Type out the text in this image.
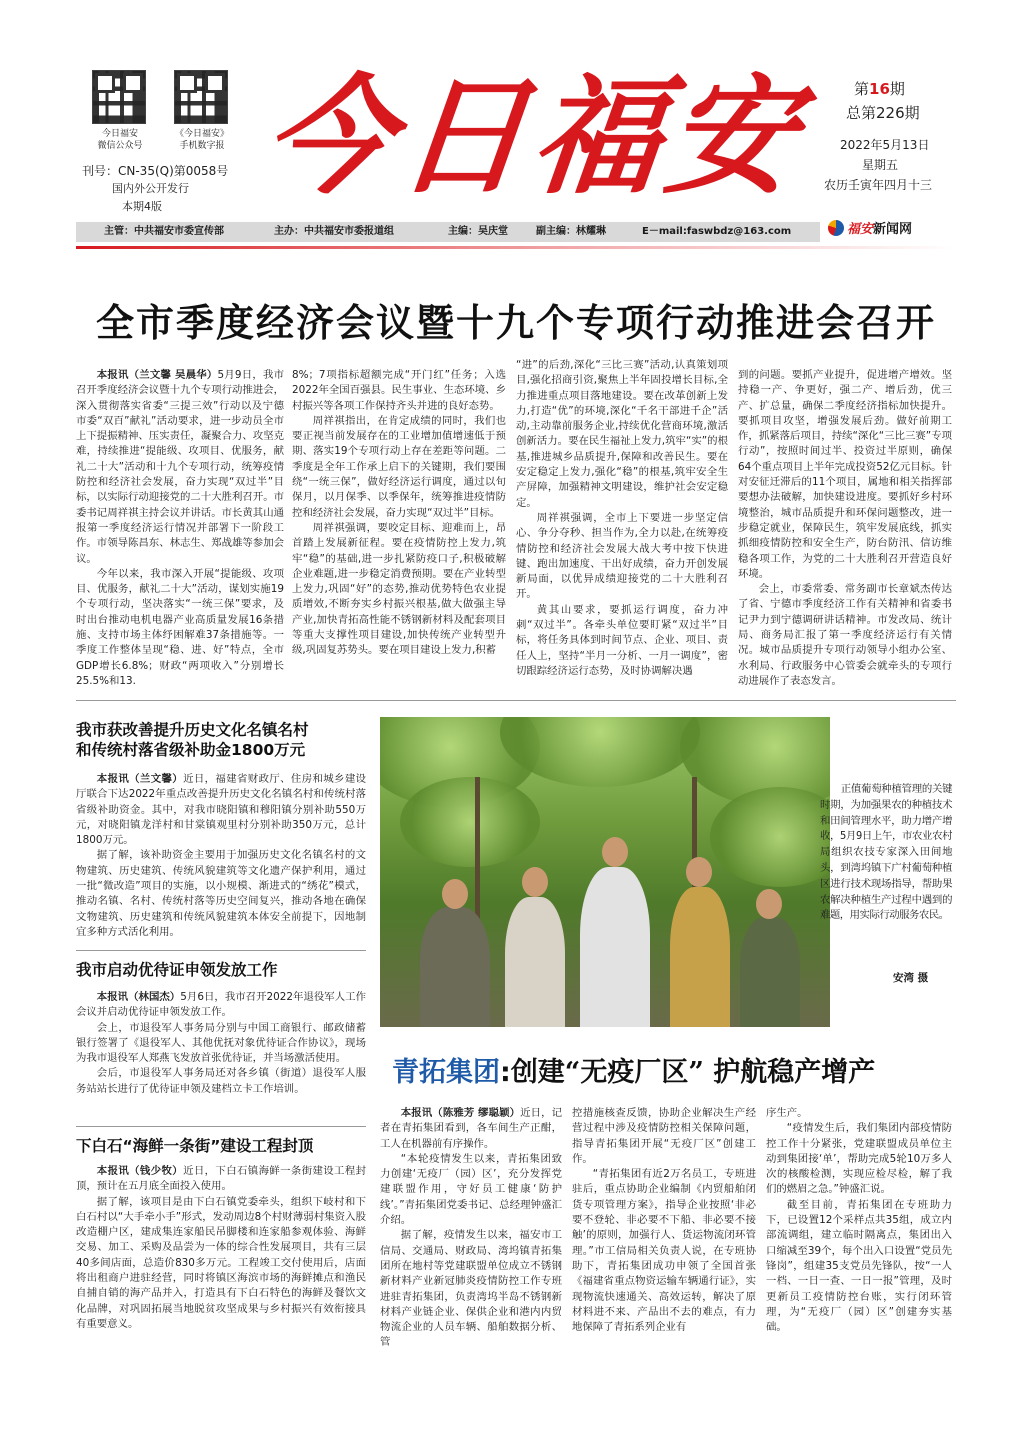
今日福安
微信公众号
《今日福安》
手机数字报
刊号：CN-35(Q)第0058号
国内外公开发行
本期4版 今日福安	第16期
总第226期
2022年5月13日
星期五
农历壬寅年四月十三
主管：中共福安市委宣传部	主办：中共福安市委报道组	主编：吴庆堂	副主编：林耀琳	E－mail:faswbdz@163.com	福安新闻网
全市季度经济会议暨十九个专项行动推进会召开

本报讯（兰文馨 吴晨华）5月9日，我市召开季度经济会议暨十九个专项行动推进会，深入贯彻落实省委“三提三效”行动以及宁德市委“双百”献礼”活动要求，进一步动员全市上下提振精神、压实责任，凝聚合力、攻坚克难，持续推进“提能级、攻项目、优服务，献礼二十大”活动和十九个专项行动，统筹疫情防控和经济社会发展，奋力实现“双过半”目标，以实际行动迎接党的二十大胜利召开。市委书记周祥祺主持会议并讲话。市长黄其山通报第一季度经济运行情况并部署下一阶段工作。市领导陈昌东、林志生、郑战雄等参加会议。

今年以来，我市深入开展“提能级、攻项目、优服务，献礼二十大”活动，谋划实施19个专项行动，坚决落实“一统三保”要求，及时出台推动电机电器产业高质量发展16条措施、支持市场主体纾困解难37条措施等。一季度工作整体呈现“稳、进、好”特点，全市GDP增长6.8%；财政“两项收入”分别增长25.5%和13.

8%；7项指标超额完成“开门红”任务；入选2022年全国百强县。民生事业、生态环境、乡村振兴等各项工作保持齐头并进的良好态势。

周祥祺指出，在肯定成绩的同时，我们也要正视当前发展存在的工业增加值增速低于预期、落实19个专项行动上存在差距等问题。二季度是全年工作承上启下的关键期，我们要围绕“一统三保”，做好经济运行调度，通过以旬保月，以月保季、以季保年，统筹推进疫情防控和经济社会发展，奋力实现“双过半”目标。

周祥祺强调，要咬定目标、迎难而上，昂首踏上发展新征程。要在疫情防控上发力,筑牢“稳”的基础,进一步扎紧防疫口子,积极破解企业难题,进一步稳定消费预期。要在产业转型上发力,巩固“好”的态势,推动优势特色农业提质增效,不断夯实乡村振兴根基,做大做强主导产业,加快青拓高性能不锈钢新材料及配套项目等重大支撑性项目建设,加快传统产业转型升级,巩固复苏势头。要在项目建设上发力,积蓄

“进”的后劲,深化“三比三赛”活动,认真策划项目,强化招商引资,聚焦上半年固投增长目标,全力推进重点项目落地建设。要在改革创新上发力,打造“优”的环境,深化“千名干部进千企”活动,主动靠前服务企业,持续优化营商环境,激活创新活力。要在民生福祉上发力,筑牢“实”的根基,推进城乡品质提升,保障和改善民生。要在安定稳定上发力,强化“稳”的根基,筑牢安全生产屏障，加强精神文明建设，维护社会安定稳定。

周祥祺强调，全市上下要进一步坚定信心、争分夺秒、担当作为,全力以赴,在统筹疫情防控和经济社会发展大战大考中按下快进键、跑出加速度、干出好成绩，奋力开创发展新局面，以优异成绩迎接党的二十大胜利召开。

黄其山要求，要抓运行调度，奋力冲刺“双过半”。各牵头单位要盯紧“双过半”目标，将任务具体到时间节点、企业、项目、责任人上，坚持“半月一分析、一月一调度”，密切跟踪经济运行态势，及时协调解决遇

到的问题。要抓产业提升，促进增产增效。坚持稳一产、争更好，强二产、增后劲，优三产、扩总量，确保二季度经济指标加快提升。要抓项目攻坚，增强发展后劲。做好前期工作，抓紧落后项目，持续“深化“三比三赛”专项行动”，按照时间过半、投资过半原则，确保64个重点项目上半年完成投资52亿元目标。针对安征迁滞后的11个项目，属地和相关指挥部要想办法破解，加快建设进度。要抓好乡村环境整治，城市品质提升和环保问题整改，进一步稳定就业，保障民生，筑牢发展底线，抓实抓细疫情防控和安全生产，防台防汛、信访维稳各项工作，为党的二十大胜利召开营造良好环境。

会上，市委常委、常务副市长章斌杰传达了省、宁德市季度经济工作有关精神和省委书记尹力到宁德调研讲话精神。市发改局、统计局、商务局汇报了第一季度经济运行有关情况。城市品质提升专项行动领导小组办公室、水利局、行政服务中心管委会就牵头的专项行动进展作了表态发言。

我市获改善提升历史文化名镇名村
和传统村落省级补助金1800万元

本报讯（兰文馨）近日，福建省财政厅、住房和城乡建设厅联合下达2022年重点改善提升历史文化名镇名村和传统村落省级补助资金。其中，对我市晓阳镇和穆阳镇分别补助550万元，对晓阳镇龙洋村和甘棠镇观里村分别补助350万元，总计1800万元。

据了解，该补助资金主要用于加强历史文化名镇名村的文物建筑、历史建筑、传统风貌建筑等文化遗产保护利用，通过一批“微改造”项目的实施，以小规模、渐进式的“绣花”模式，推动名镇、名村、传统村落等历史空间复兴，推动各地在确保文物建筑、历史建筑和传统风貌建筑本体安全前提下，因地制宜多种方式活化利用。

我市启动优待证申领发放工作

本报讯（林国杰）5月6日，我市召开2022年退役军人工作会议并启动优待证申领发放工作。

会上，市退役军人事务局分别与中国工商银行、邮政储蓄银行签署了《退役军人、其他优抚对象优待证合作协议》，现场为我市退役军人郑燕飞发放首张优待证，并当场激活使用。

会后，市退役军人事务局还对各乡镇（街道）退役军人服务站站长进行了优待证申领及建档立卡工作培训。

下白石“海鲜一条街”建设工程封顶

本报讯（钱少牧）近日，下白石镇海鲜一条街建设工程封顶，预计在五月底全面投入使用。

据了解，该项目是由下白石镇党委牵头，组织下岐村和下白石村以“大手牵小手”形式，发动周边8个村财薄弱村集资入股改造棚户区，建成集连家船民吊脚楼和连家船参观体验、海鲜交易、加工、采购及品尝为一体的综合性发展项目，共有三层40多间店面，总造价830多万元。工程竣工交付使用后，店面将出租商户进驻经营，同时将镇区海滨市场的海鲜摊点和渔民自捕自销的海产品并入，打造具有下白石特色的海鲜及餐饮文化品牌，对巩固拓展当地脱贫攻坚成果与乡村振兴有效衔接具有重要意义。

正值葡萄种植管理的关键时期，为加强果农的种植技术和田间管理水平，助力增产增收，5月9日上午，市农业农村局组织农技专家深入田间地头，到湾坞镇下广村葡萄种植区进行技术现场指导，帮助果农解决种植生产过程中遇到的难题，用实际行动服务农民。
安湾 摄
青拓集团:创建“无疫厂区” 护航稳产增产

本报讯（陈雅芳 缪聪颖）近日，记者在青拓集团看到，各车间生产正酣，工人在机器前有序操作。

“本轮疫情发生以来，青拓集团致力创建‘无疫厂（园）区’，充分发挥党建联盟作用，守好员工健康‘防护线’。”青拓集团党委书记、总经理钟盛汇介绍。

据了解，疫情发生以来，福安市工信局、交通局、财政局、湾坞镇青拓集团所在地村等党建联盟单位成立不锈钢新材料产业新冠肺炎疫情防控工作专班进驻青拓集团，负责湾坞半岛不锈钢新材料产业链企业、保供企业和港内内贸物流企业的人员车辆、船舶数据分析、管

控措施核查反馈，协助企业解决生产经营过程中涉及疫情防控相关保障问题，指导青拓集团开展“无疫厂区”创建工作。

“青拓集团有近2万名员工，专班进驻后，重点协助企业编制《内贸船舶闭货专项管理方案》，指导企业按照‘非必要不登轮、非必要不下船、非必要不接触’的原则，加强行人、货运物流闭环管理。”市工信局相关负责人说，在专班协助下，青拓集团成功申领了全国首张《福建省重点物资运输车辆通行证》，实现物流快速通关、高效运转，解决了原材料进不来、产品出不去的难点，有力地保障了青拓系列企业有

序生产。

“疫情发生后，我们集团内部疫情防控工作十分紧张，党建联盟成员单位主动到集团接‘单’，帮助完成5轮10万多人次的核酸检测，实现应检尽检，解了我们的燃眉之急。”钟盛汇说。

截至目前，青拓集团在专班助力下，已设置12个采样点共35组，成立内部流调组，建立临时隔离点，集团出入口缩减至39个，每个出入口设置“党员先锋岗”，组建35支党员先锋队，按“一人一档、一日一查、一日一报”管理，及时更新员工疫情防控台账，实行闭环管理，为“无疫厂（园）区”创建夯实基础。
